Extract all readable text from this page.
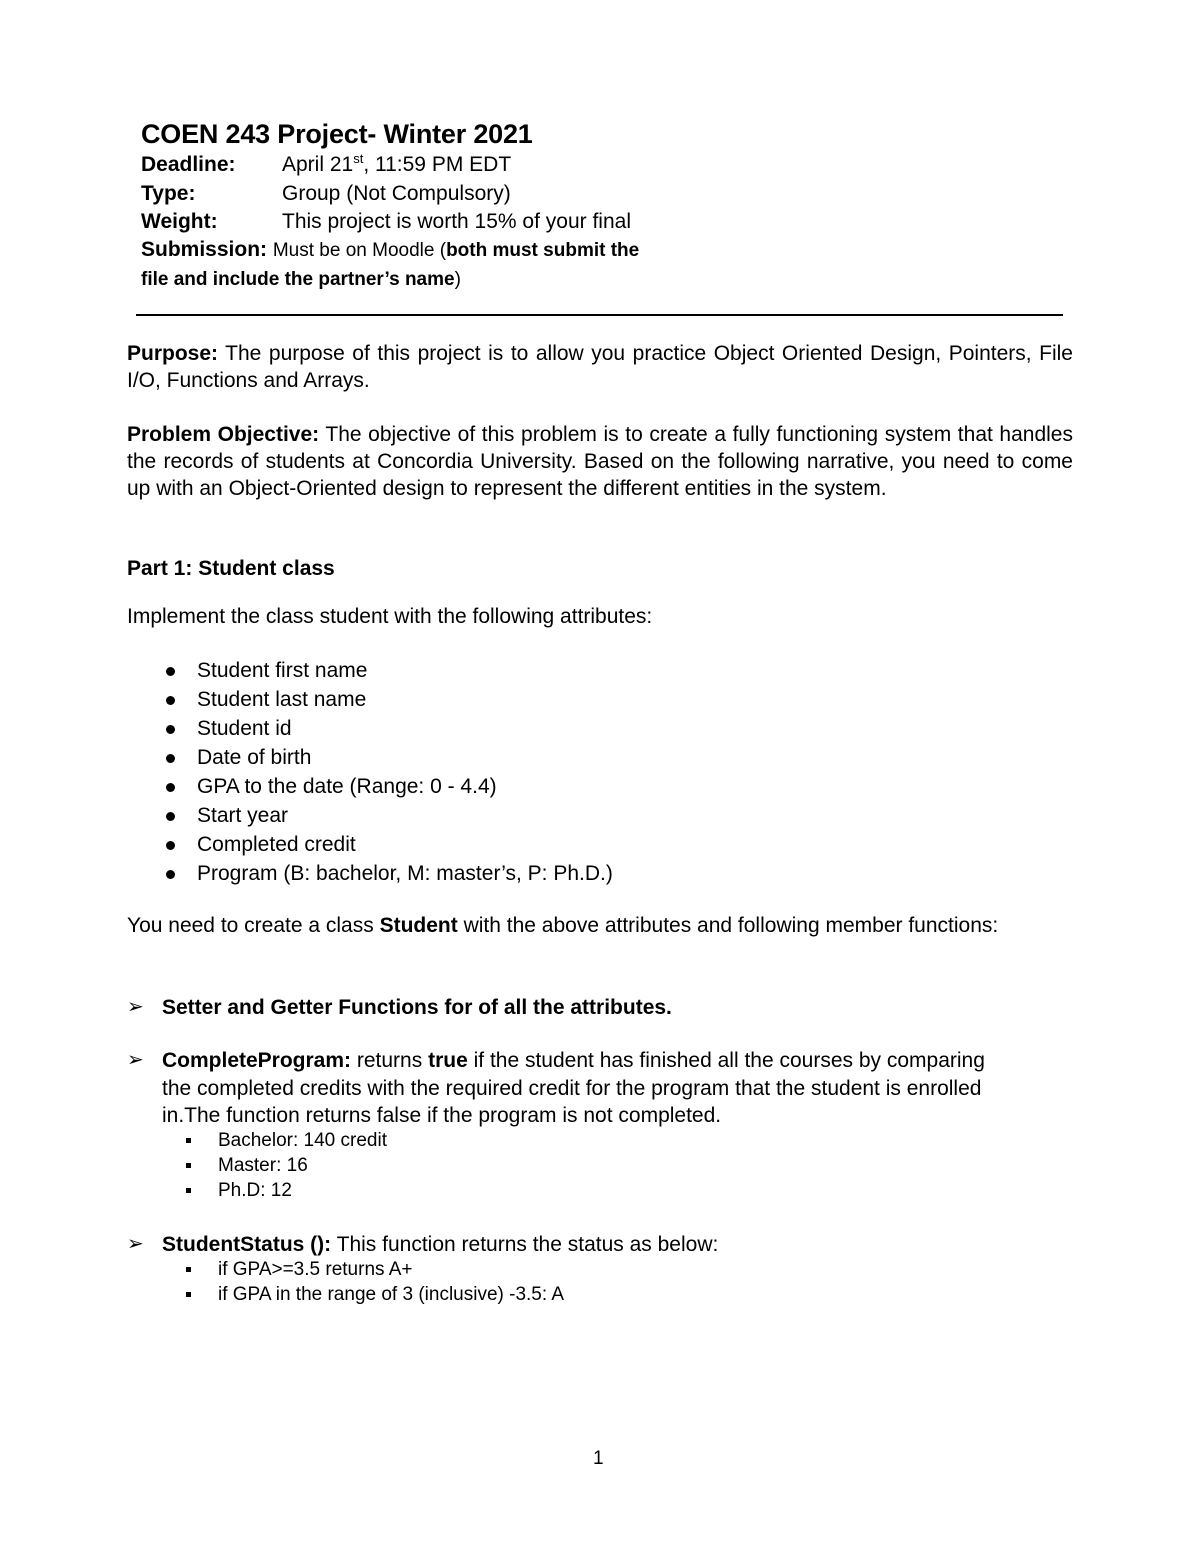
COEN 243 Project- Winter 2021
Deadline: April 21st, 11:59 PM EDT
Type:	Group (Not Compulsory)
Weight:	This project is worth 15% of your final
Submission: Must be on Moodle (both must submit the
file and include the partner’s name)
Purpose: The purpose of this project is to allow you practice Object Oriented Design, Pointers, File I/O, Functions and Arrays.
Problem Objective: The objective of this problem is to create a fully functioning system that handles the records of students at Concordia University. Based on the following narrative, you need to come up with an Object-Oriented design to represent the different entities in the system.
Part 1: Student class
Implement the class student with the following attributes:
Student first name
Student last name
Student id
Date of birth
GPA to the date (Range: 0 - 4.4)
Start year
Completed credit
Program (B: bachelor, M: master’s, P: Ph.D.)
You need to create a class Student with the above attributes and following member functions:
➢ Setter and Getter Functions for of all the attributes.
➢ CompleteProgram: returns true if the student has finished all the courses by comparing the completed credits with the required credit for the program that the student is enrolled in.The function returns false if the program is not completed.
Bachelor: 140 credit
Master: 16
Ph.D: 12
➢ StudentStatus (): This function returns the status as below:
if GPA>=3.5 returns A+
if GPA in the range of 3 (inclusive) -3.5: A
1
